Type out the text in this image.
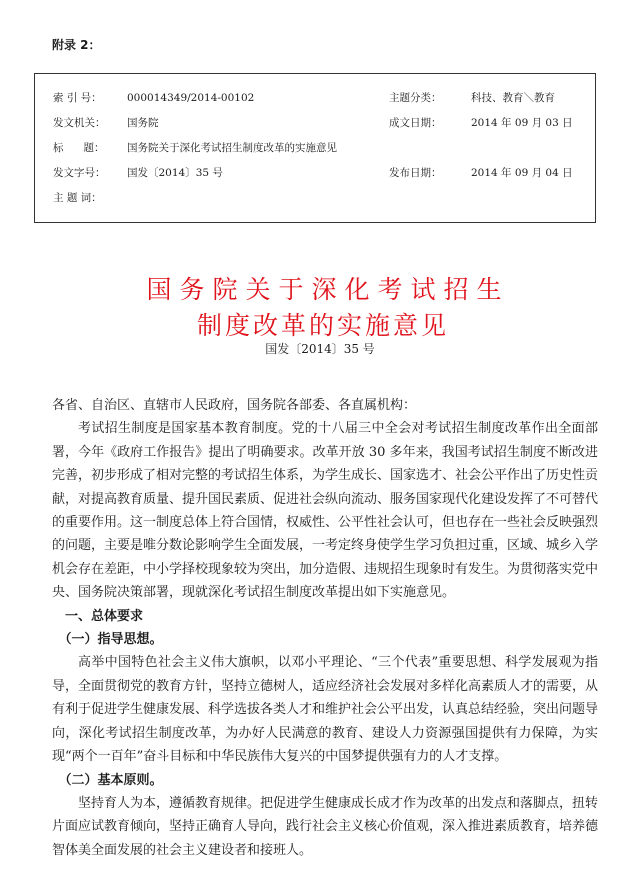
附录 2：
索 引 号： 000014349/2014-00102	主题分类：	科技、教育＼教育
发文机关： 国务院	成文日期：	2014 年 09 月 03 日
标      题： 国务院关于深化考试招生制度改革的实施意见
发文字号： 国发〔2014〕35 号	发布日期：	2014 年 09 月 04 日
主 题 词：
国务院关于深化考试招生
制度改革的实施意见
国发〔2014〕35 号

各省、自治区、直辖市人民政府，国务院各部委、各直属机构：

考试招生制度是国家基本教育制度。党的十八届三中全会对考试招生制度改革作出全面部署，今年《政府工作报告》提出了明确要求。改革开放 30 多年来，我国考试招生制度不断改进完善，初步形成了相对完整的考试招生体系，为学生成长、国家选才、社会公平作出了历史性贡献，对提高教育质量、提升国民素质、促进社会纵向流动、服务国家现代化建设发挥了不可替代的重要作用。这一制度总体上符合国情，权威性、公平性社会认可，但也存在一些社会反映强烈的问题，主要是唯分数论影响学生全面发展，一考定终身使学生学习负担过重，区域、城乡入学机会存在差距，中小学择校现象较为突出，加分造假、违规招生现象时有发生。为贯彻落实党中央、国务院决策部署，现就深化考试招生制度改革提出如下实施意见。

一、总体要求
（一）指导思想。

高举中国特色社会主义伟大旗帜，以邓小平理论、“三个代表”重要思想、科学发展观为指导，全面贯彻党的教育方针，坚持立德树人，适应经济社会发展对多样化高素质人才的需要，从有利于促进学生健康发展、科学选拔各类人才和维护社会公平出发，认真总结经验，突出问题导向，深化考试招生制度改革，为办好人民满意的教育、建设人力资源强国提供有力保障，为实现“两个一百年”奋斗目标和中华民族伟大复兴的中国梦提供强有力的人才支撑。

（二）基本原则。

坚持育人为本，遵循教育规律。把促进学生健康成长成才作为改革的出发点和落脚点，扭转片面应试教育倾向，坚持正确育人导向，践行社会主义核心价值观，深入推进素质教育，培养德智体美全面发展的社会主义建设者和接班人。
